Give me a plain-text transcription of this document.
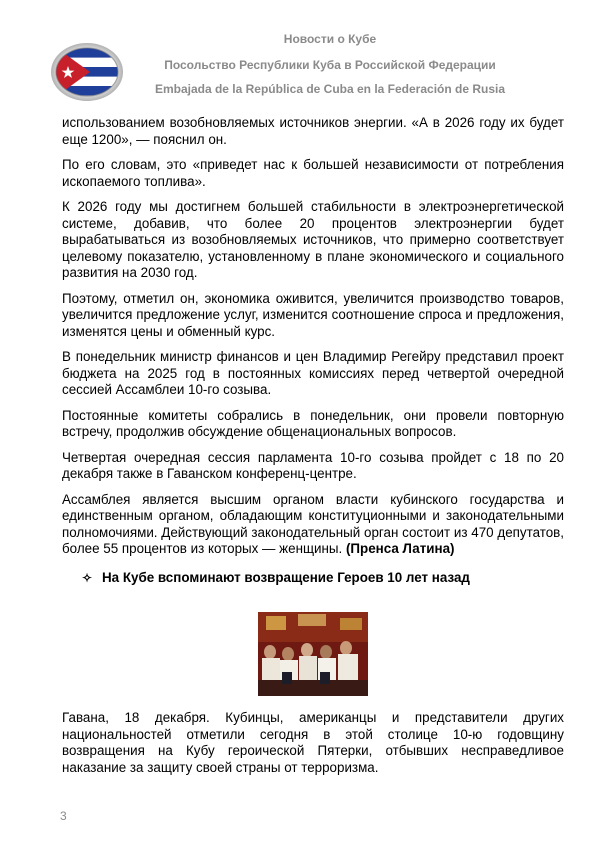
Новости о Кубе
Посольство Республики Куба в Российской Федерации
Embajada de la República de Cuba en la Federación de Rusia

использованием возобновляемых источников энергии. «А в 2026 году их будет еще 1200», — пояснил он.

По его словам, это «приведет нас к большей независимости от потребления ископаемого топлива».

К 2026 году мы достигнем большей стабильности в электроэнергетической системе, добавив, что более 20 процентов электроэнергии будет вырабатываться из возобновляемых источников, что примерно соответствует целевому показателю, установленному в плане экономического и социального развития на 2030 год.

Поэтому, отметил он, экономика оживится, увеличится производство товаров, увеличится предложение услуг, изменится соотношение спроса и предложения, изменятся цены и обменный курс.

В понедельник министр финансов и цен Владимир Регейру представил проект бюджета на 2025 год в постоянных комиссиях перед четвертой очередной сессией Ассамблеи 10-го созыва.

Постоянные комитеты собрались в понедельник, они провели повторную встречу, продолжив обсуждение общенациональных вопросов.

Четвертая очередная сессия парламента 10-го созыва пройдет с 18 по 20 декабря также в Гаванском конференц-центре.

Ассамблея является высшим органом власти кубинского государства и единственным органом, обладающим конституционными и законодательными полномочиями. Действующий законодательный орган состоит из 470 депутатов, более 55 процентов из которых — женщины. (Пренса Латина)

✧ На Кубе вспоминают возвращение Героев 10 лет назад

Гавана, 18 декабря. Кубинцы, американцы и представители других национальностей отметили сегодня в этой столице 10-ю годовщину возвращения на Кубу героической Пятерки, отбывших несправедливое наказание за защиту своей страны от терроризма.

3
